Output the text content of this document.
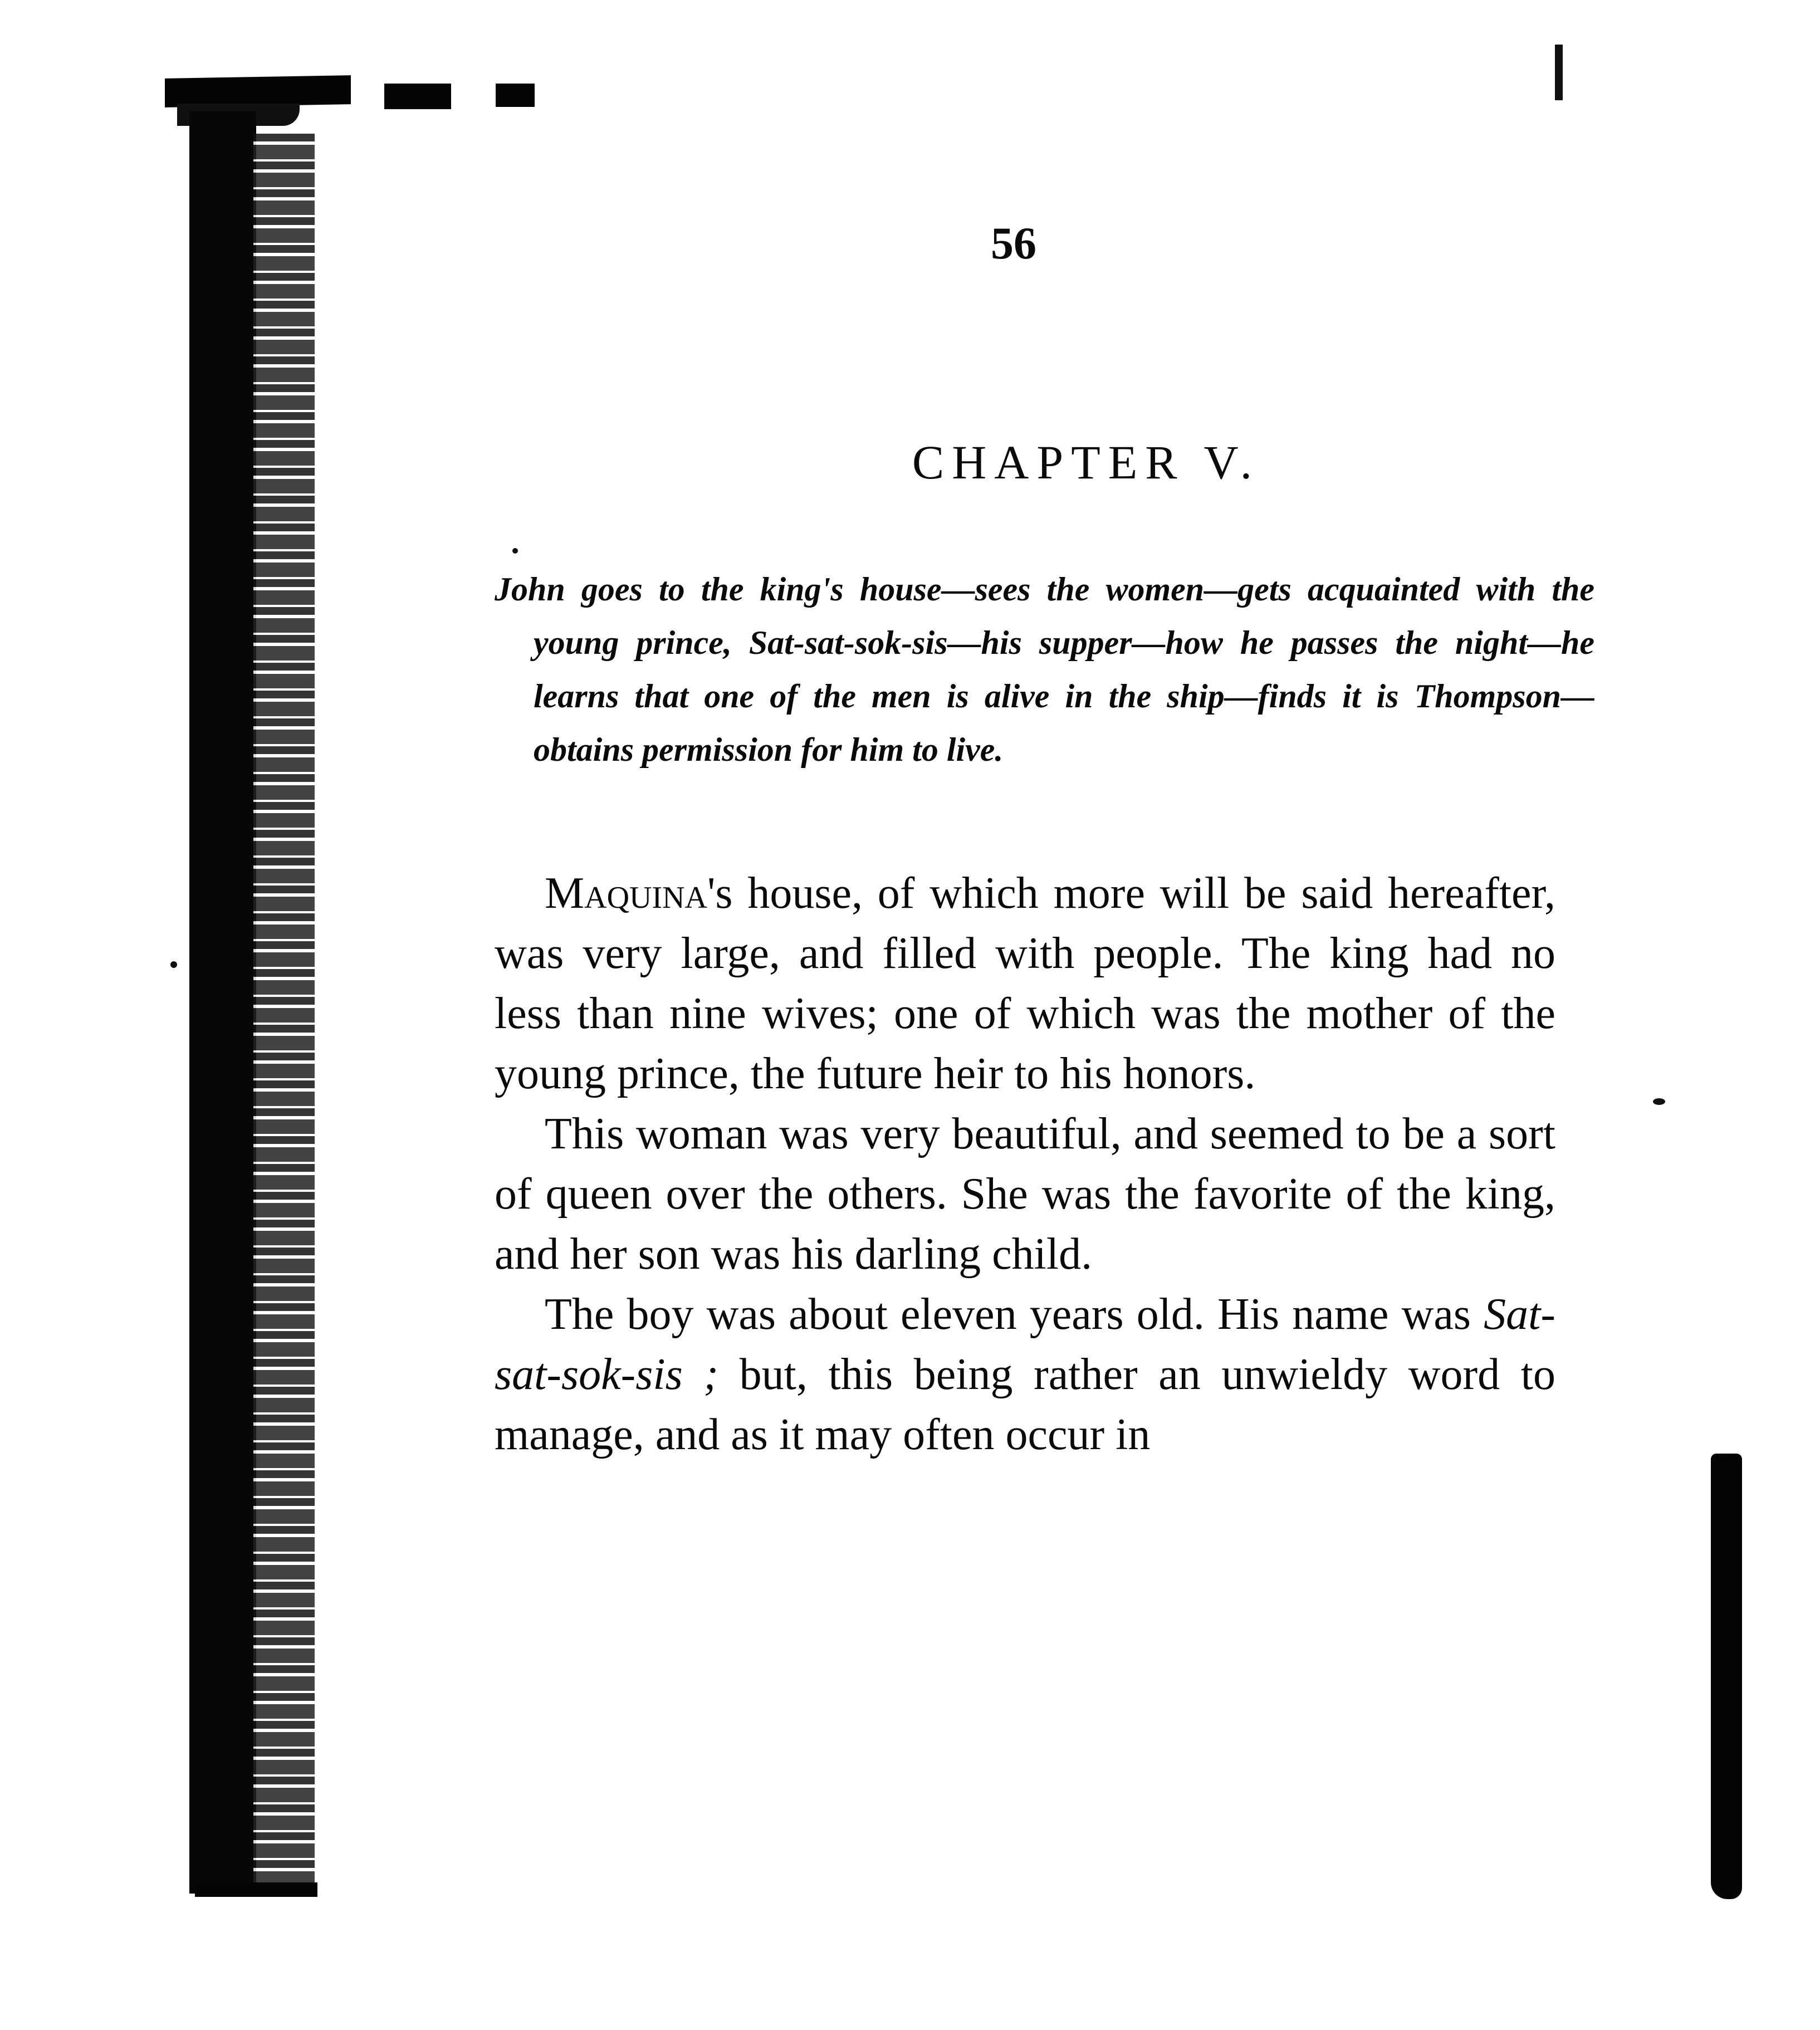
56
CHAPTER V.
John goes to the king's house—sees the women—gets acquainted with the young prince, Sat-sat-sok-sis—his supper—how he passes the night—he learns that one of the men is alive in the ship—finds it is Thompson—obtains permission for him to live.

Maquina's house, of which more will be said hereafter, was very large, and filled with people. The king had no less than nine wives; one of which was the mother of the young prince, the future heir to his honors.

This woman was very beautiful, and seemed to be a sort of queen over the others. She was the favorite of the king, and her son was his darling child.

The boy was about eleven years old. His name was Sat-sat-sok-sis ; but, this being rather an unwieldy word to manage, and as it may often occur in
